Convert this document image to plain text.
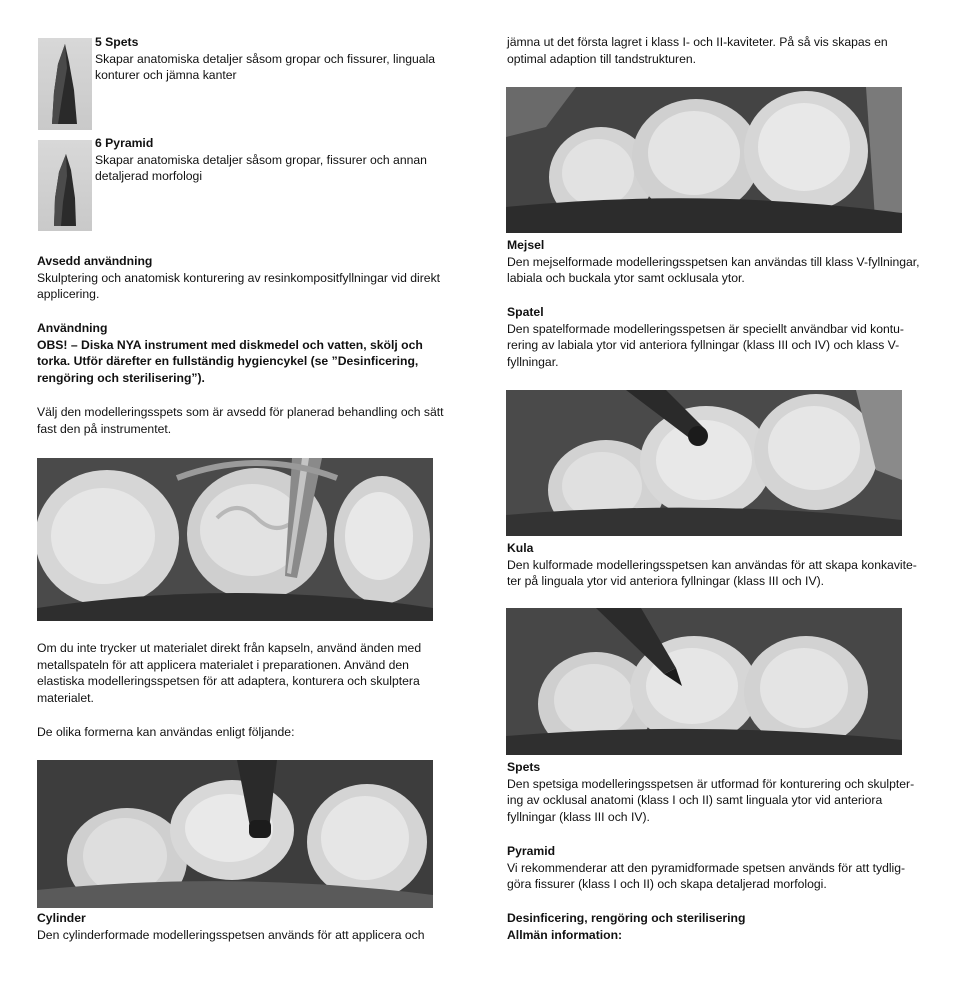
5 Spets

Skapar anatomiska detaljer såsom gropar och fissurer, linguala konturer och jämna kanter

6 Pyramid

Skapar anatomiska detaljer såsom gropar, fissurer och annan detaljerad morfologi

Avsedd användning

Skulptering och anatomisk konturering av resinkompositfyllningar vid direkt applicering.

Användning

OBS! – Diska NYA instrument med diskmedel och vatten, skölj och torka. Utför därefter en fullständig hygiencykel (se ”Desinficering, rengöring och sterilisering”).

Välj den modelleringsspets som är avsedd för planerad behandling och sätt fast den på instrumentet.

Om du inte trycker ut materialet direkt från kapseln, använd änden med metallspateln för att applicera materialet i preparationen. Använd den elastiska modelleringsspetsen för att adaptera, konturera och skulptera materialet.

De olika formerna kan användas enligt följande:

Cylinder

Den cylinderformade modelleringsspetsen används för att applicera och

jämna ut det första lagret i klass I- och II-kaviteter. På så vis skapas en optimal adaption till tandstrukturen.

Mejsel

Den mejselformade modelleringsspetsen kan användas till klass V-fyllningar, labiala och buckala ytor samt ocklusala ytor.

Spatel

Den spatelformade modelleringsspetsen är speciellt användbar vid kontu-rering av labiala ytor vid anteriora fyllningar (klass III och IV) och klass V-fyllningar.

Kula

Den kulformade modelleringsspetsen kan användas för att skapa konkavite-ter på linguala ytor vid anteriora fyllningar (klass III och IV).

Spets

Den spetsiga modelleringsspetsen är utformad för konturering och skulpter-ing av ocklusal anatomi (klass I och II) samt linguala ytor vid anteriora fyllningar (klass III och IV).

Pyramid

Vi rekommenderar att den pyramidformade spetsen används för att tydlig-göra fissurer (klass I och II) och skapa detaljerad morfologi.

Desinficering, rengöring och sterilisering
Allmän information:
